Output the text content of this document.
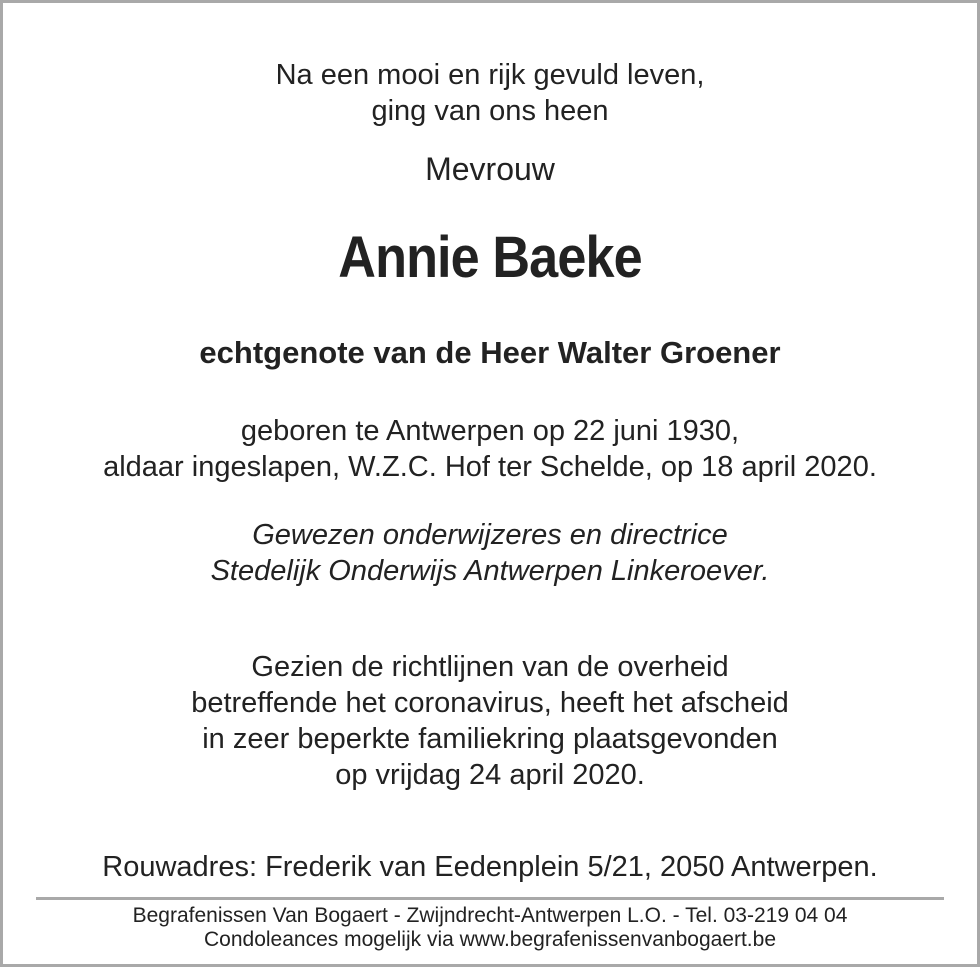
Na een mooi en rijk gevuld leven,
ging van ons heen
Mevrouw
Annie Baeke
echtgenote van de Heer Walter Groener
geboren te Antwerpen op 22 juni 1930,
aldaar ingeslapen, W.Z.C. Hof ter Schelde, op 18 april 2020.
Gewezen onderwijzeres en directrice
Stedelijk Onderwijs Antwerpen Linkeroever.
Gezien de richtlijnen van de overheid
betreffende het coronavirus, heeft het afscheid
in zeer beperkte familiekring plaatsgevonden
op vrijdag 24 april 2020.
Rouwadres: Frederik van Eedenplein 5/21, 2050 Antwerpen.
Begrafenissen Van Bogaert - Zwijndrecht-Antwerpen L.O. - Tel. 03-219 04 04
Condoleances mogelijk via www.begrafenissenvanbogaert.be
